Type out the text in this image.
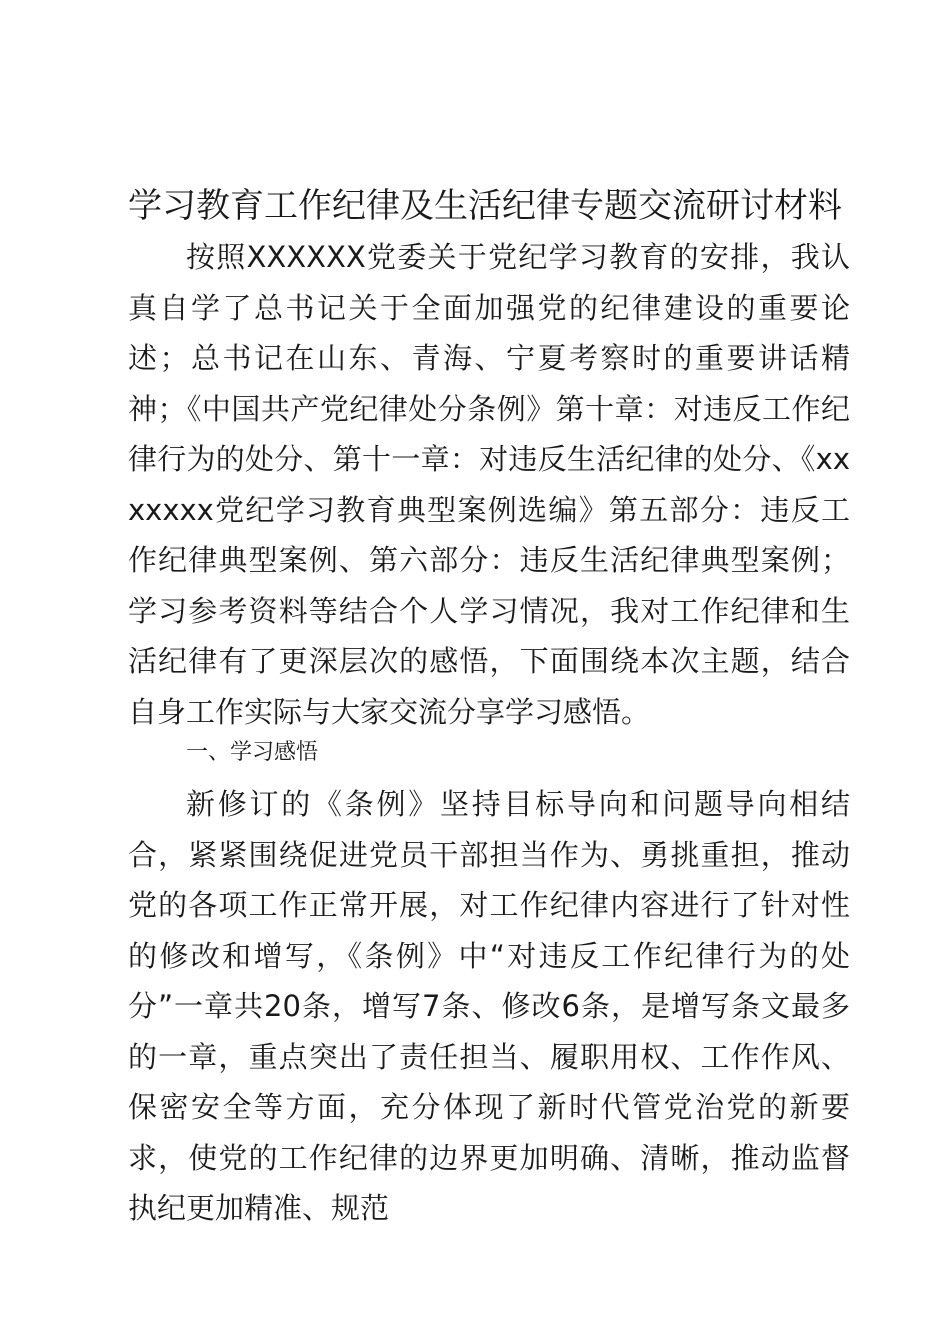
学习教育工作纪律及生活纪律专题交流研讨材料

按照XXXXXX党委关于党纪学习教育的安排，我认真自学了总书记关于全面加强党的纪律建设的重要论述；总书记在山东、青海、宁夏考察时的重要讲话精神；《中国共产党纪律处分条例》第十章：对违反工作纪律行为的处分、第十一章：对违反生活纪律的处分、《xxxxxxx党纪学习教育典型案例选编》第五部分：违反工作纪律典型案例、第六部分：违反生活纪律典型案例；学习参考资料等结合个人学习情况，我对工作纪律和生活纪律有了更深层次的感悟，下面围绕本次主题，结合自身工作实际与大家交流分享学习感悟。

一、学习感悟

新修订的《条例》坚持目标导向和问题导向相结合，紧紧围绕促进党员干部担当作为、勇挑重担，推动党的各项工作正常开展，对工作纪律内容进行了针对性的修改和增写，《条例》中“对违反工作纪律行为的处分”一章共20条，增写7条、修改6条，是增写条文最多的一章，重点突出了责任担当、履职用权、工作作风、保密安全等方面，充分体现了新时代管党治党的新要求，使党的工作纪律的边界更加明确、清晰，推动监督执纪更加精准、规范
